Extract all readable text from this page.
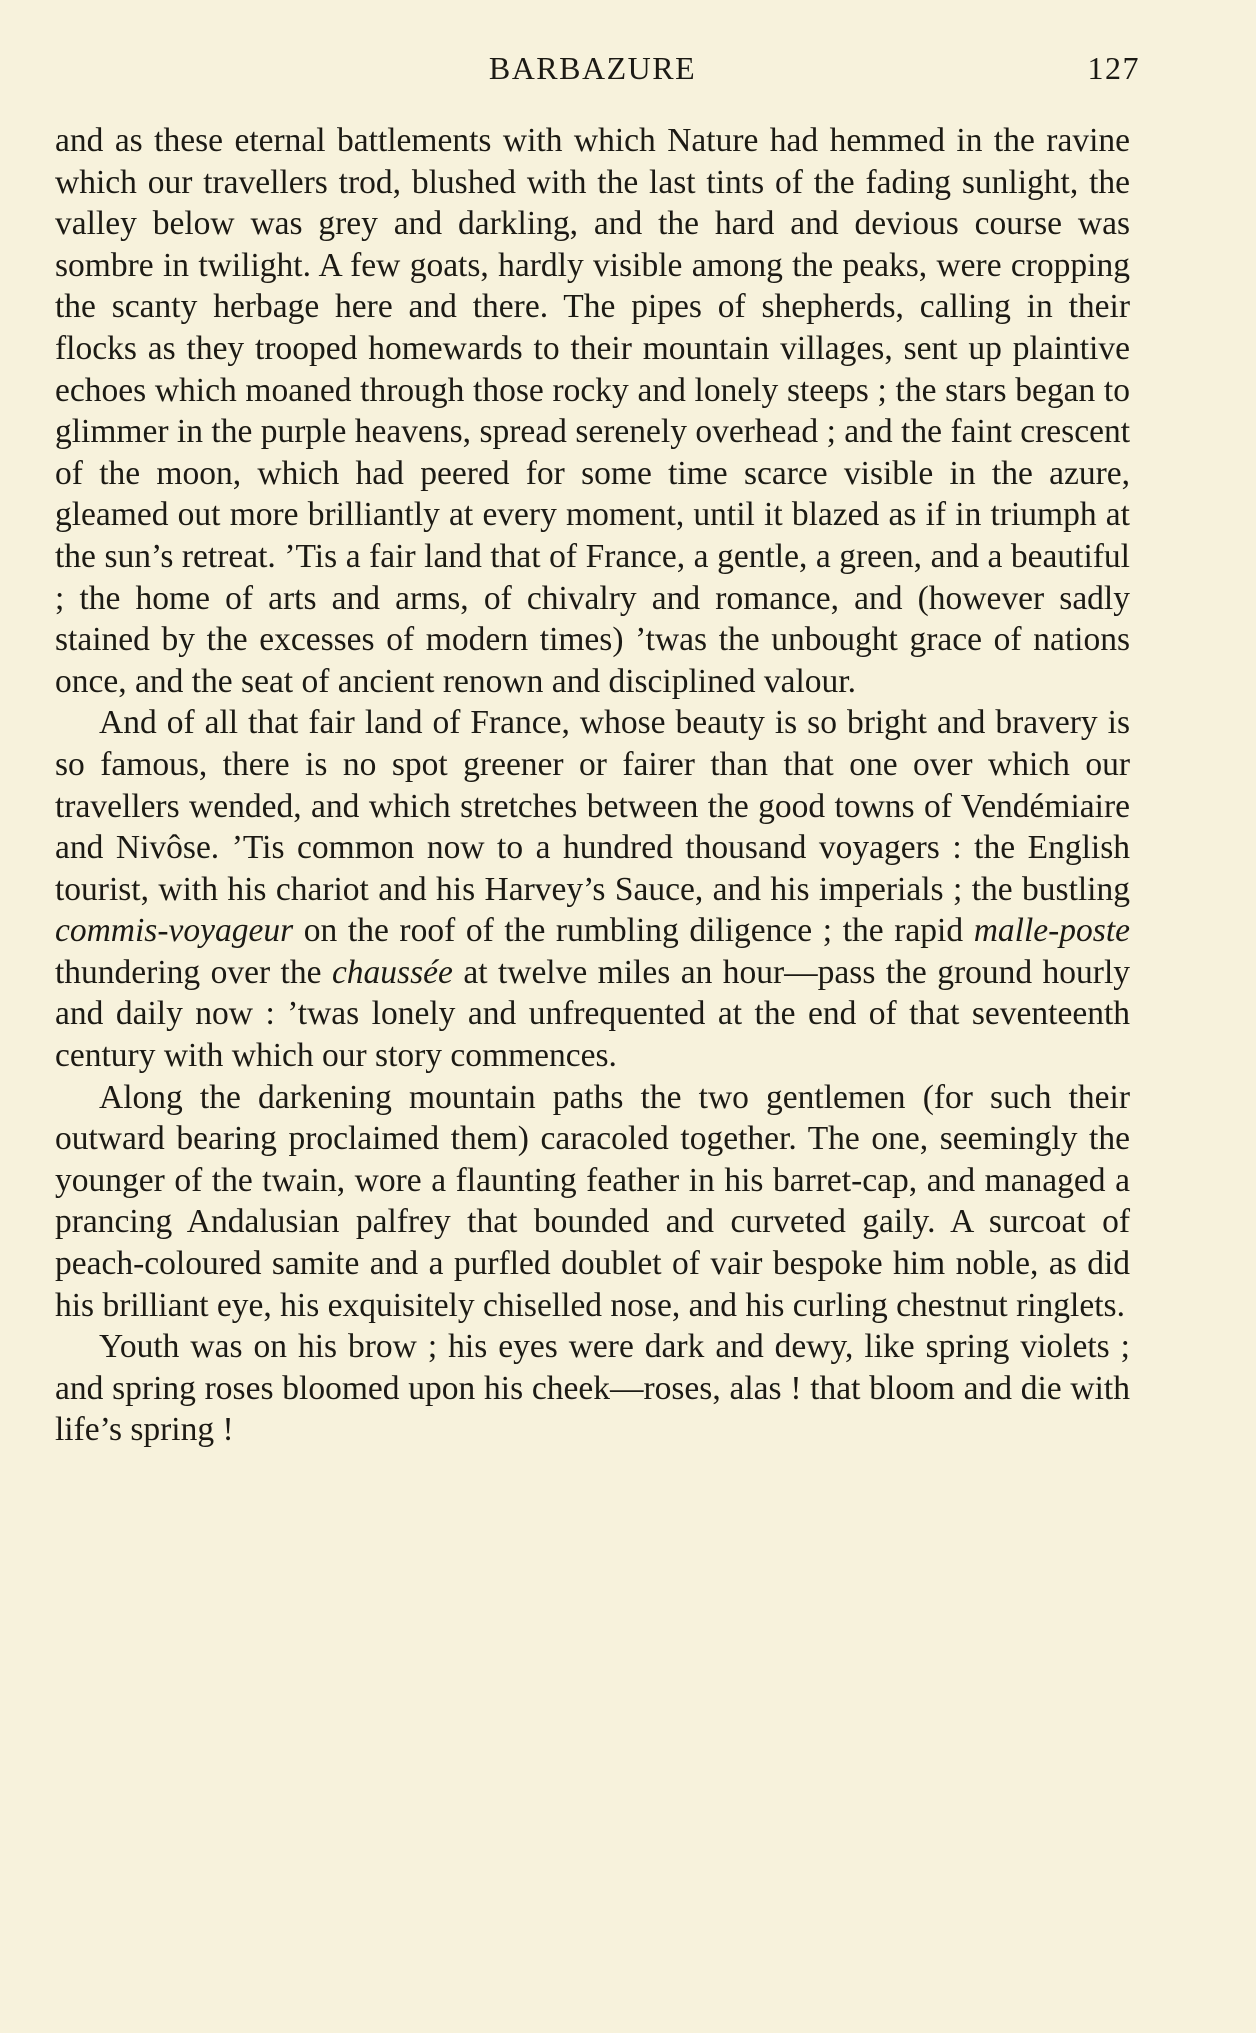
BARBAZURE	127

and as these eternal battlements with which Nature had hemmed in the ravine which our travellers trod, blushed with the last tints of the fading sunlight, the valley below was grey and darkling, and the hard and devious course was sombre in twilight. A few goats, hardly visible among the peaks, were cropping the scanty herbage here and there. The pipes of shepherds, calling in their flocks as they trooped homewards to their mountain villages, sent up plaintive echoes which moaned through those rocky and lonely steeps ; the stars began to glimmer in the purple heavens, spread serenely overhead ; and the faint crescent of the moon, which had peered for some time scarce visible in the azure, gleamed out more brilliantly at every moment, until it blazed as if in triumph at the sun’s retreat. ’Tis a fair land that of France, a gentle, a green, and a beautiful ; the home of arts and arms, of chivalry and romance, and (however sadly stained by the excesses of modern times) ’twas the unbought grace of nations once, and the seat of ancient renown and disciplined valour.

And of all that fair land of France, whose beauty is so bright and bravery is so famous, there is no spot greener or fairer than that one over which our travellers wended, and which stretches between the good towns of Vendémiaire and Nivôse. ’Tis common now to a hundred thousand voyagers : the English tourist, with his chariot and his Harvey’s Sauce, and his imperials ; the bustling commis-voyageur on the roof of the rumbling diligence ; the rapid malle-poste thundering over the chaussée at twelve miles an hour—pass the ground hourly and daily now : ’twas lonely and unfrequented at the end of that seventeenth century with which our story commences.

Along the darkening mountain paths the two gentlemen (for such their outward bearing proclaimed them) caracoled together. The one, seemingly the younger of the twain, wore a flaunting feather in his barret-cap, and managed a prancing Andalusian palfrey that bounded and curveted gaily. A surcoat of peach-coloured samite and a purfled doublet of vair bespoke him noble, as did his brilliant eye, his exquisitely chiselled nose, and his curling chestnut ringlets.

Youth was on his brow ; his eyes were dark and dewy, like spring violets ; and spring roses bloomed upon his cheek—roses, alas ! that bloom and die with life’s spring !
